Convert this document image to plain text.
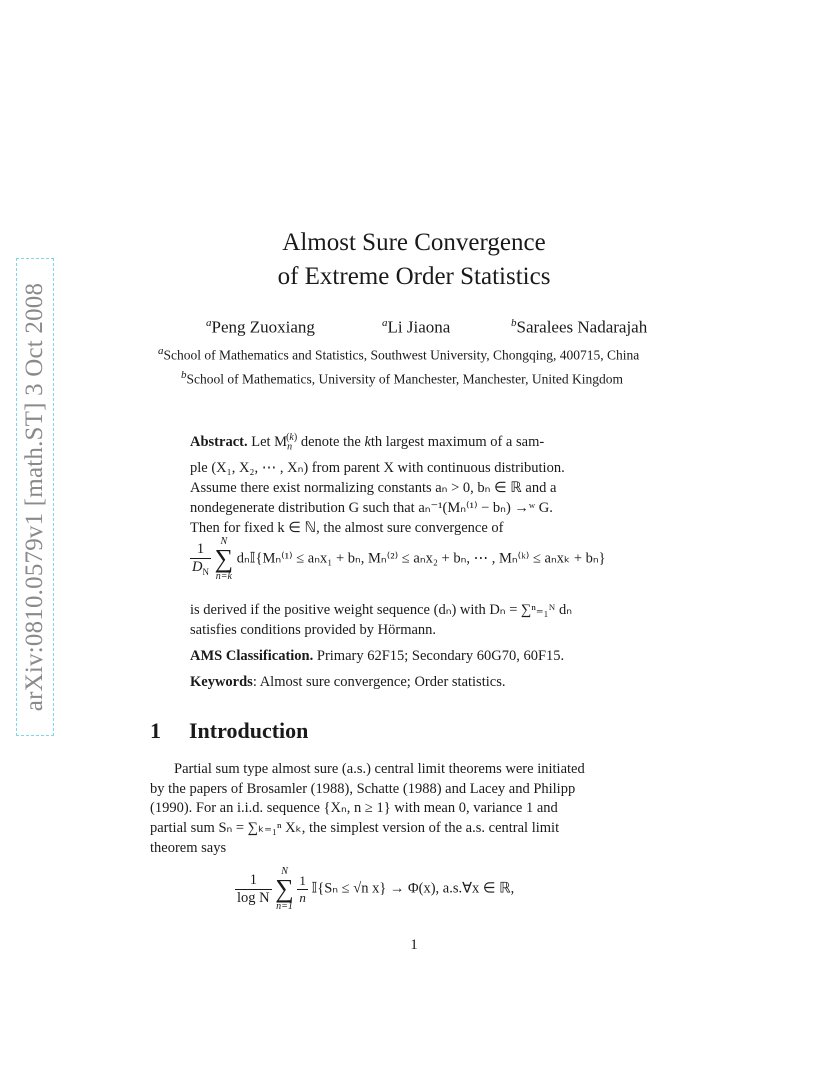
arXiv:0810.0579v1 [math.ST] 3 Oct 2008
Almost Sure Convergence
of Extreme Order Statistics
$^a$Peng Zuoxiang	$^a$Li Jiaona	$^b$Saralees Nadarajah
$^a$School of Mathematics and Statistics, Southwest University, Chongqing, 400715, China
$^b$School of Mathematics, University of Manchester, Manchester, United Kingdom
Abstract. Let $M_n^{(k)}$ denote the kth largest maximum of a sam-
ple (X₁, X₂, ⋯ , Xₙ) from parent X with continuous distribution.
Assume there exist normalizing constants aₙ > 0, bₙ ∈ ℝ and a
nondegenerate distribution G such that aₙ⁻¹(Mₙ⁽¹⁾ − bₙ) →ʷ G.
Then for fixed k ∈ ℕ, the almost sure convergence of
$\frac{1}{D_N}$ N
∑
n=k dₙ𝕀{Mₙ⁽¹⁾ ≤ aₙx₁ + bₙ, Mₙ⁽²⁾ ≤ aₙx₂ + bₙ, ⋯ , Mₙ⁽ᵏ⁾ ≤ aₙxₖ + bₙ}
is derived if the positive weight sequence (dₙ) with Dₙ = ∑ⁿ₌₁ᴺ dₙ
satisfies conditions provided by Hörmann.
AMS Classification. Primary 62F15; Secondary 60G70, 60F15.
Keywords: Almost sure convergence; Order statistics.
1 Introduction
Partial sum type almost sure (a.s.) central limit theorems were initiated
by the papers of Brosamler (1988), Schatte (1988) and Lacey and Philipp
(1990). For an i.i.d. sequence {Xₙ, n ≥ 1} with mean 0, variance 1 and
partial sum Sₙ = ∑ₖ₌₁ⁿ Xₖ, the simplest version of the a.s. central limit
theorem says
$\frac{1}{\text{log N}}$ N
∑
n=1
$\frac{1}{n}$ 𝕀{Sₙ ≤ √n x} → Φ(x), a.s.∀x ∈ ℝ,
1
